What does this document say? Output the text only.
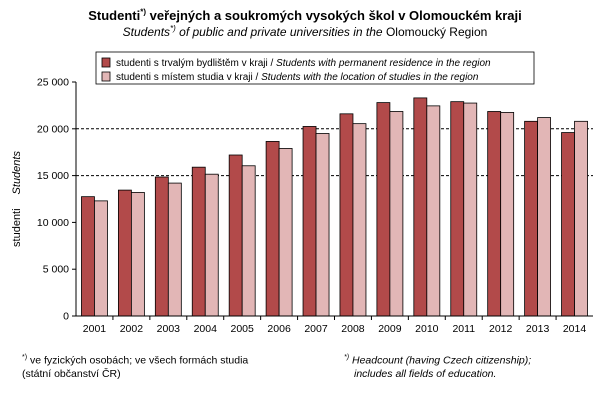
Studenti*) veřejných a soukromých vysokých škol v Olomouckém kraji
Students*) of public and private universities in the Olomoucký Region
0
5 000
10 000
15 000
20 000
25 000
2001 2002 2003 2004 2005 2006 2007 2008 2009 2010 2011 2012 2013 2014
studentiStudents
studenti s trvalým bydlištěm v kraji / Students with permanent residence in the region
studenti s místem studia v kraji / Students with the location of studies in the region
*) ve fyzických osobách; ve všech formách studia
(státní občanství ČR)
*) Headcount (having Czech citizenship);
includes all fields of education.
